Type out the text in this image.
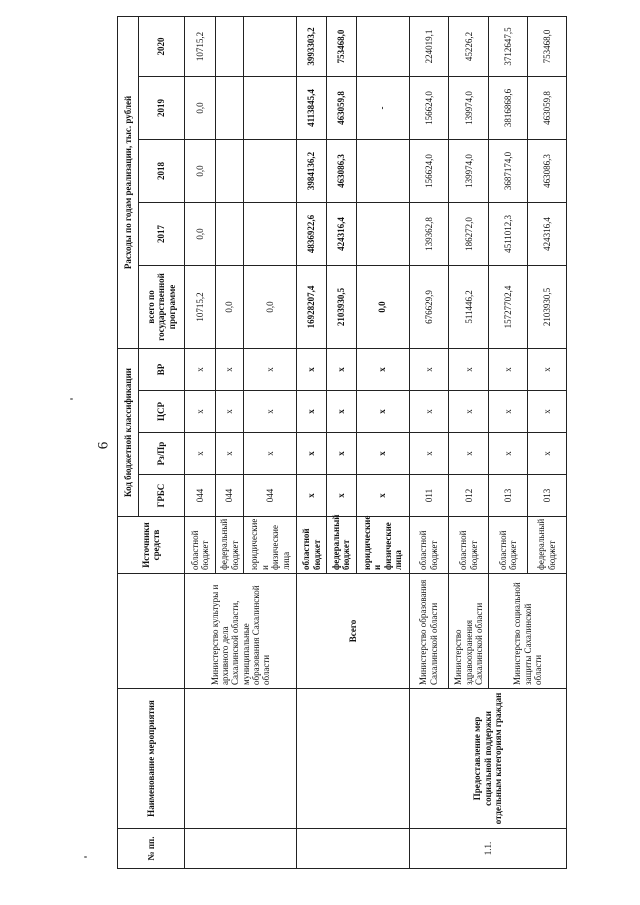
6
№ пп.	Наименование мероприятия		Источники средств	Код бюджетной классификации				Расходы по годам реализации, тыс. рублей				
				ГРБС	Рз/Пр	ЦСР	ВР	всего по государственной программе	2017	2018	2019	2020
		Министерство культуры и архивного дела Сахалинской области, муниципальные образования Сахалинской области	областной бюджет	044	х	х	х	10715,2	0,0	0,0	0,0	10715,2
			федеральный бюджет	044	х	х	х	0,0				
			юридические и физические лица	044	х	х	х	0,0				
		Всего	областной бюджет	х	х	х	х	16928207,4	4836922,6	3984136,2	4113845,4	3993303,2
			федеральный бюджет	х	х	х	х	2103930,5	424316,4	463086,3	463059,8	753468,0
			юридические и физические лица	х	х	х	х	0,0			-	
1.1.	Предоставление мер социальной поддержки отдельным категориям граждан	Министерство образования Сахалинской области	областной бюджет	011	х	х	х	676629,9	139362,8	156624,0	156624,0	224019,1
		Министерство здравоохранения Сахалинской области	областной бюджет	012	х	х	х	511446,2	186272,0	139974,0	139974,0	45226,2
		Министерство социальной защиты Сахалинской области	областной бюджет	013	х	х	х	15727702,4	4511012,3	3687174,0	3816868,6	3712647,5
			федеральный бюджет	013	х	х	х	2103930,5	424316,4	463086,3	463059,8	753468,0
